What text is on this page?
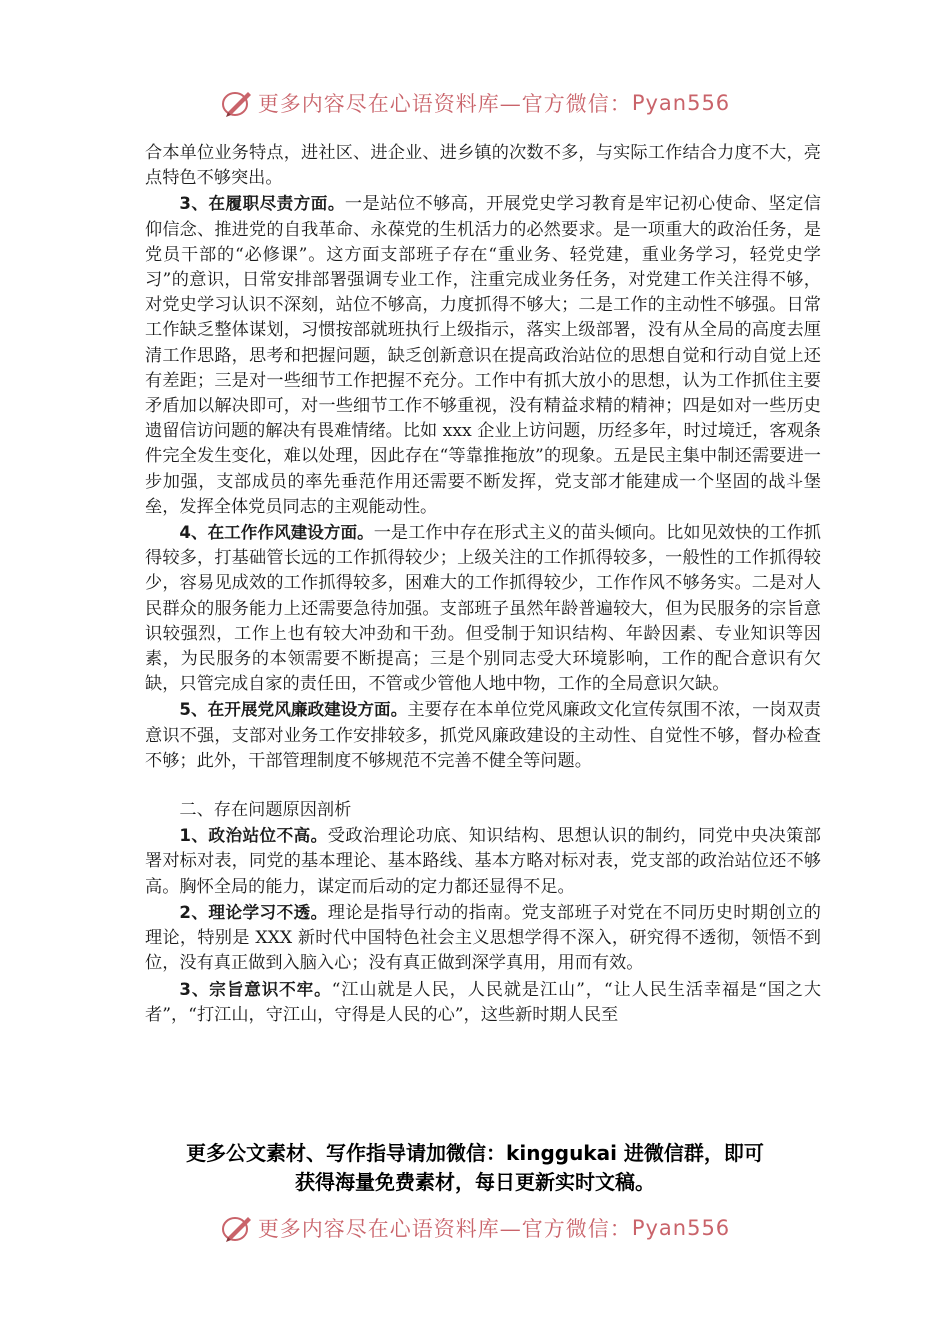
更多内容尽在心语资料库—官方微信：Pyan556

合本单位业务特点，进社区、进企业、进乡镇的次数不多，与实际工作结合力度不大，亮点特色不够突出。

3、在履职尽责方面。一是站位不够高，开展党史学习教育是牢记初心使命、坚定信仰信念、推进党的自我革命、永葆党的生机活力的必然要求。是一项重大的政治任务，是党员干部的“必修课”。这方面支部班子存在“重业务、轻党建，重业务学习，轻党史学习”的意识，日常安排部署强调专业工作，注重完成业务任务，对党建工作关注得不够，对党史学习认识不深刻，站位不够高，力度抓得不够大；二是工作的主动性不够强。日常工作缺乏整体谋划，习惯按部就班执行上级指示，落实上级部署，没有从全局的高度去厘清工作思路，思考和把握问题，缺乏创新意识在提高政治站位的思想自觉和行动自觉上还有差距；三是对一些细节工作把握不充分。工作中有抓大放小的思想，认为工作抓住主要矛盾加以解决即可，对一些细节工作不够重视，没有精益求精的精神；四是如对一些历史遗留信访问题的解决有畏难情绪。比如 xxx 企业上访问题，历经多年，时过境迁，客观条件完全发生变化，难以处理，因此存在“等靠推拖放”的现象。五是民主集中制还需要进一步加强，支部成员的率先垂范作用还需要不断发挥，党支部才能建成一个坚固的战斗堡垒，发挥全体党员同志的主观能动性。

4、在工作作风建设方面。一是工作中存在形式主义的苗头倾向。比如见效快的工作抓得较多，打基础管长远的工作抓得较少；上级关注的工作抓得较多，一般性的工作抓得较少，容易见成效的工作抓得较多，困难大的工作抓得较少，工作作风不够务实。二是对人民群众的服务能力上还需要急待加强。支部班子虽然年龄普遍较大，但为民服务的宗旨意识较强烈，工作上也有较大冲劲和干劲。但受制于知识结构、年龄因素、专业知识等因素，为民服务的本领需要不断提高；三是个别同志受大环境影响，工作的配合意识有欠缺，只管完成自家的责任田，不管或少管他人地中物，工作的全局意识欠缺。

5、在开展党风廉政建设方面。主要存在本单位党风廉政文化宣传氛围不浓，一岗双责意识不强，支部对业务工作安排较多，抓党风廉政建设的主动性、自觉性不够，督办检查不够；此外，干部管理制度不够规范不完善不健全等问题。

二、存在问题原因剖析

1、政治站位不高。受政治理论功底、知识结构、思想认识的制约，同党中央决策部署对标对表，同党的基本理论、基本路线、基本方略对标对表，党支部的政治站位还不够高。胸怀全局的能力，谋定而后动的定力都还显得不足。

2、理论学习不透。理论是指导行动的指南。党支部班子对党在不同历史时期创立的理论，特别是 XXX 新时代中国特色社会主义思想学得不深入，研究得不透彻，领悟不到位，没有真正做到入脑入心；没有真正做到深学真用，用而有效。

3、宗旨意识不牢。“江山就是人民，人民就是江山”，“让人民生活幸福是“国之大者”，“打江山，守江山，守得是人民的心”，这些新时期人民至

更多公文素材、写作指导请加微信：kinggukai 进微信群，即可
获得海量免费素材，每日更新实时文稿。
更多内容尽在心语资料库—官方微信：Pyan556
